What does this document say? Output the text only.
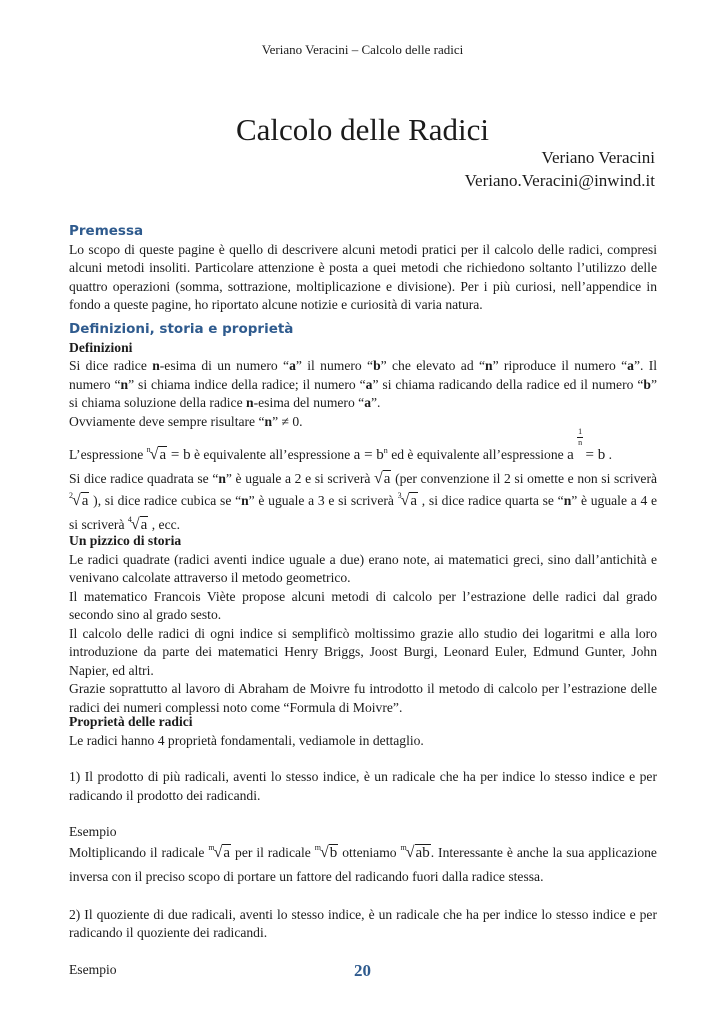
Veriano Veracini – Calcolo delle radici
Calcolo delle Radici
Veriano Veracini
Veriano.Veracini@inwind.it
Premessa
Lo scopo di queste pagine è quello di descrivere alcuni metodi pratici per il calcolo delle radici, compresi alcuni metodi insoliti. Particolare attenzione è posta a quei metodi che richiedono soltanto l’utilizzo delle quattro operazioni (somma, sottrazione, moltiplicazione e divisione). Per i più curiosi, nell’appendice in fondo a queste pagine, ho riportato alcune notizie e curiosità di varia natura.
Definizioni, storia e proprietà
Definizioni
Si dice radice n-esima di un numero “a” il numero “b” che elevato ad “n” riproduce il numero “a”. Il numero “n” si chiama indice della radice; il numero “a” si chiama radicando della radice ed il numero “b” si chiama soluzione della radice n-esima del numero “a”.
Ovviamente deve sempre risultare “n” ≠ 0.
L’espressione $^n$√a = b è equivalente all’espressione $a = b^n$ ed è equivalente all’espressione a
1
n
= b .
Si dice radice quadrata se “n” è uguale a 2 e si scriverà √a (per convenzione il 2 si omette e non si scriverà $^2$√a ), si dice radice cubica se “n” è uguale a 3 e si scriverà $^3$√a , si dice radice quarta se “n” è uguale a 4 e si scriverà $^4$√a , ecc.
Un pizzico di storia
Le radici quadrate (radici aventi indice uguale a due) erano note, ai matematici greci, sino dall’antichità e venivano calcolate attraverso il metodo geometrico.
Il matematico Francois Viète propose alcuni metodi di calcolo per l’estrazione delle radici dal grado secondo sino al grado sesto.
Il calcolo delle radici di ogni indice si semplificò moltissimo grazie allo studio dei logaritmi e alla loro introduzione da parte dei matematici Henry Briggs, Joost Burgi, Leonard Euler, Edmund Gunter, John Napier, ed altri.
Grazie soprattutto al lavoro di Abraham de Moivre fu introdotto il metodo di calcolo per l’estrazione delle radici dei numeri complessi noto come “Formula di Moivre”.
Proprietà delle radici
Le radici hanno 4 proprietà fondamentali, vediamole in dettaglio.
1) Il prodotto di più radicali, aventi lo stesso indice, è un radicale che ha per indice lo stesso indice e per radicando il prodotto dei radicandi.
Esempio
Moltiplicando il radicale $^m$√a per il radicale $^m$√b otteniamo $^m$√ab. Interessante è anche la sua applicazione inversa con il preciso scopo di portare un fattore del radicando fuori dalla radice stessa.
2) Il quoziente di due radicali, aventi lo stesso indice, è un radicale che ha per indice lo stesso indice e per radicando il quoziente dei radicandi.
Esempio	20
